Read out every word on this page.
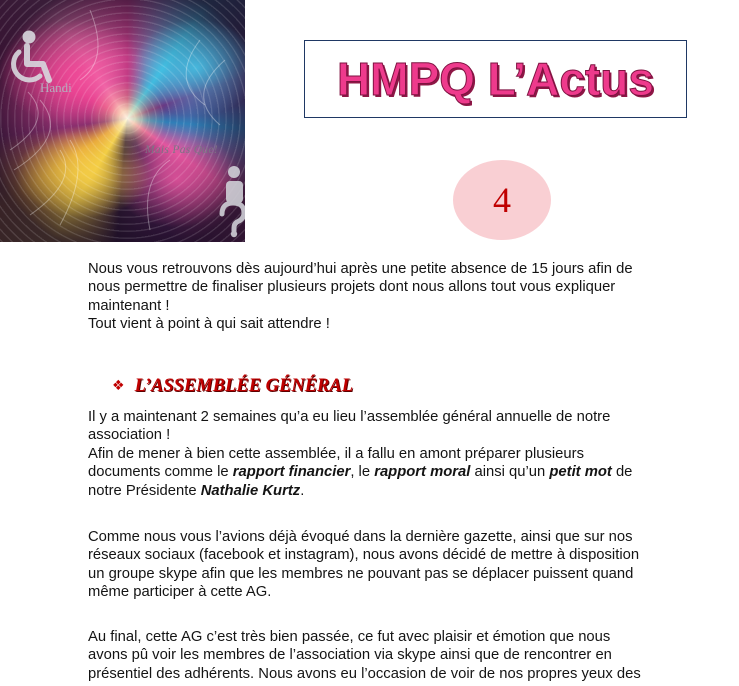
Handi
Mais Pas Que!
HMPQ L’Actus
4
Nous vous retrouvons dès aujourd’hui après une petite absence de 15 jours afin de
nous permettre de finaliser plusieurs projets dont nous allons tout vous expliquer
maintenant !
Tout vient à point à qui sait attendre !
❖ L’ASSEMBLÉE GÉNÉRAL
Il y a maintenant 2 semaines qu’a eu lieu l’assemblée général annuelle de notre
association !
Afin de mener à bien cette assemblée, il a fallu en amont préparer plusieurs
documents comme le rapport financier, le rapport moral ainsi qu’un petit mot de
notre Présidente Nathalie Kurtz.
Comme nous vous l’avions déjà évoqué dans la dernière gazette, ainsi que sur nos
réseaux sociaux (facebook et instagram), nous avons décidé de mettre à disposition
un groupe skype afin que les membres ne pouvant pas se déplacer puissent quand
même participer à cette AG.
Au final, cette AG c’est très bien passée, ce fut avec plaisir et émotion que nous
avons pû voir les membres de l’association via skype ainsi que de rencontrer en
présentiel des adhérents. Nous avons eu l’occasion de voir de nos propres yeux des
